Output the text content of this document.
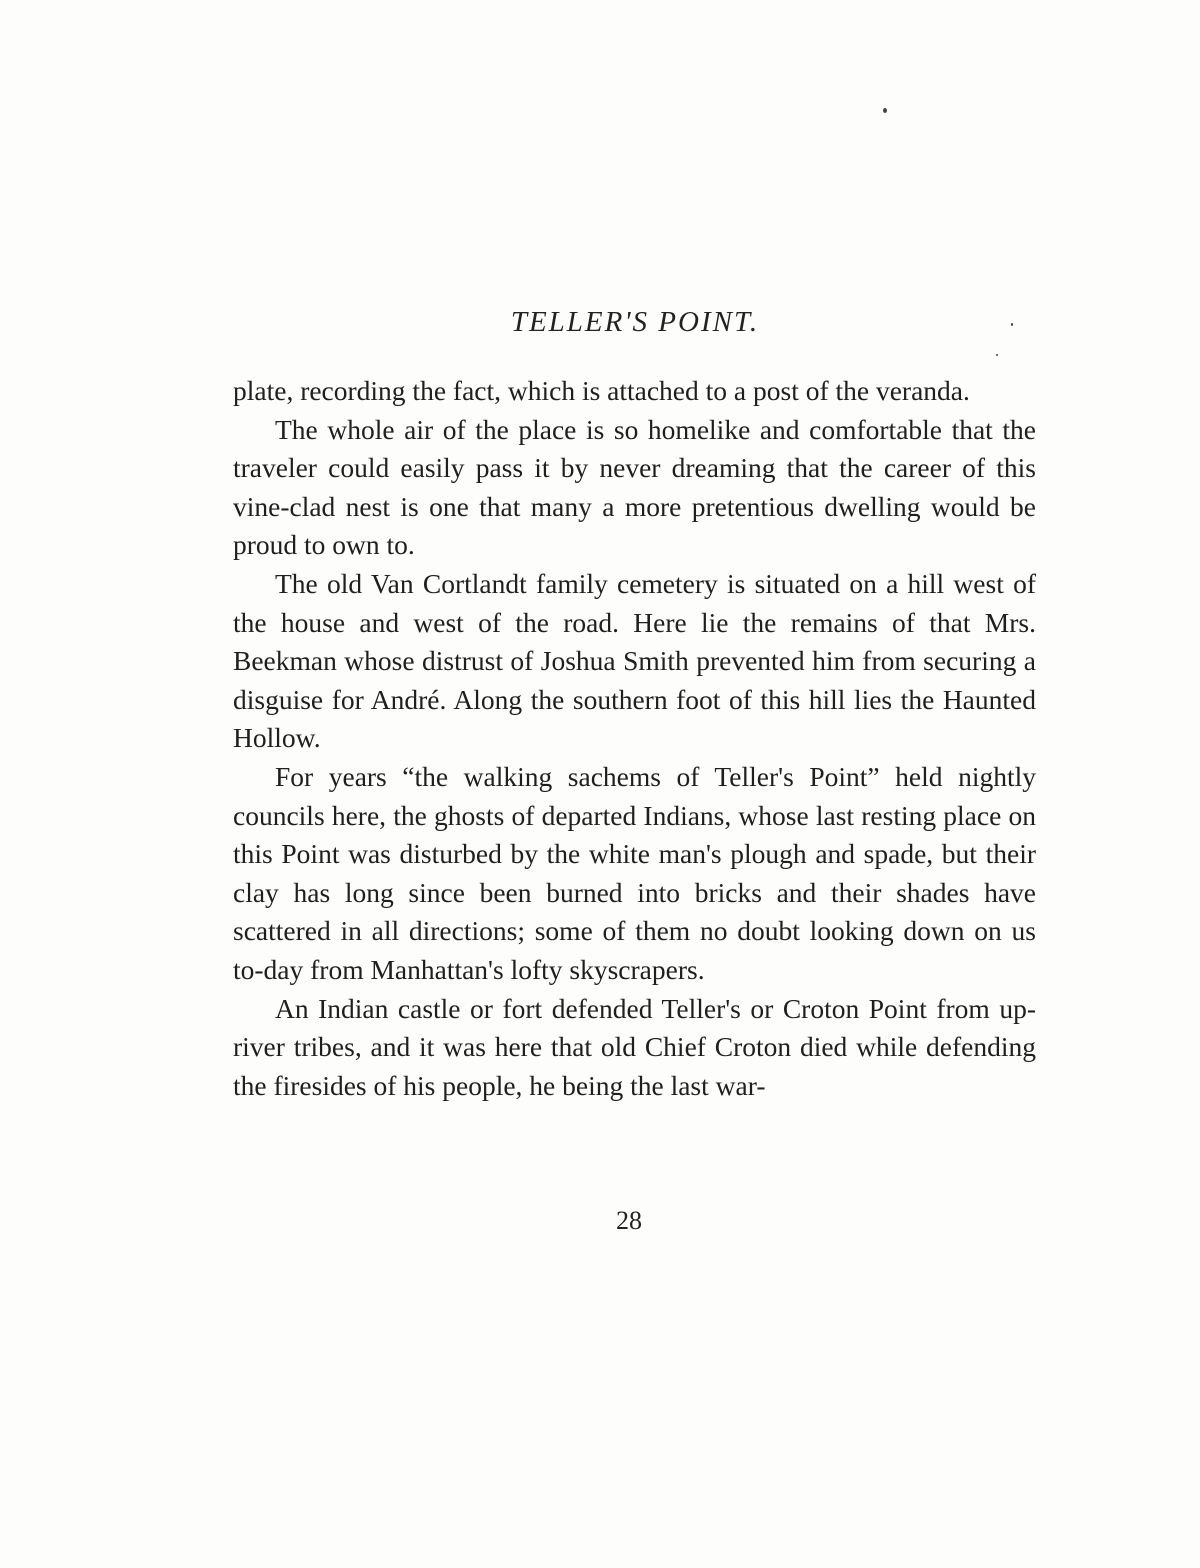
TELLER'S POINT.

plate, recording the fact, which is attached to a post of the veranda.

The whole air of the place is so homelike and comfortable that the traveler could easily pass it by never dreaming that the career of this vine-clad nest is one that many a more pretentious dwelling would be proud to own to.

The old Van Cortlandt family cemetery is situated on a hill west of the house and west of the road. Here lie the remains of that Mrs. Beekman whose distrust of Joshua Smith prevented him from securing a disguise for André. Along the southern foot of this hill lies the Haunted Hollow.

For years “the walking sachems of Teller's Point” held nightly councils here, the ghosts of departed Indians, whose last resting place on this Point was disturbed by the white man's plough and spade, but their clay has long since been burned into bricks and their shades have scattered in all directions; some of them no doubt looking down on us to-day from Manhattan's lofty skyscrapers.

An Indian castle or fort defended Teller's or Croton Point from up-river tribes, and it was here that old Chief Croton died while defending the firesides of his people, he being the last war-

28
